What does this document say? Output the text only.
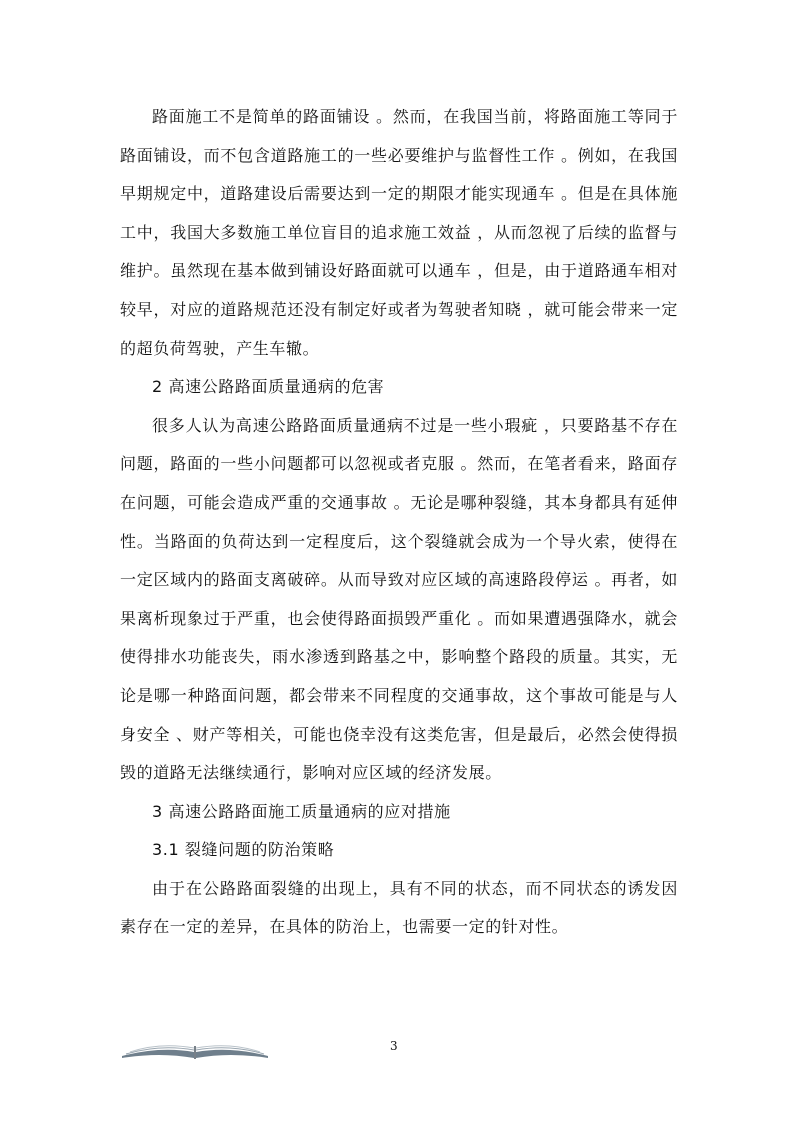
路面施工不是简单的路面铺设 。然而，在我国当前，将路面施工等同于路面铺设，而不包含道路施工的一些必要维护与监督性工作 。例如，在我国早期规定中，道路建设后需要达到一定的期限才能实现通车 。但是在具体施工中，我国大多数施工单位盲目的追求施工效益 ，从而忽视了后续的监督与维护。虽然现在基本做到铺设好路面就可以通车 ，但是，由于道路通车相对较早，对应的道路规范还没有制定好或者为驾驶者知晓 ，就可能会带来一定的超负荷驾驶，产生车辙。

2 高速公路路面质量通病的危害

很多人认为高速公路路面质量通病不过是一些小瑕疵 ，只要路基不存在问题，路面的一些小问题都可以忽视或者克服 。然而，在笔者看来，路面存在问题，可能会造成严重的交通事故 。无论是哪种裂缝，其本身都具有延伸性。当路面的负荷达到一定程度后，这个裂缝就会成为一个导火索，使得在一定区域内的路面支离破碎。从而导致对应区域的高速路段停运 。再者，如果离析现象过于严重，也会使得路面损毁严重化 。而如果遭遇强降水，就会使得排水功能丧失，雨水渗透到路基之中，影响整个路段的质量。其实，无论是哪一种路面问题，都会带来不同程度的交通事故，这个事故可能是与人身安全 、财产等相关，可能也侥幸没有这类危害，但是最后，必然会使得损毁的道路无法继续通行，影响对应区域的经济发展。

3 高速公路路面施工质量通病的应对措施

3.1 裂缝问题的防治策略

由于在公路路面裂缝的出现上，具有不同的状态，而不同状态的诱发因素存在一定的差异，在具体的防治上，也需要一定的针对性。

3
